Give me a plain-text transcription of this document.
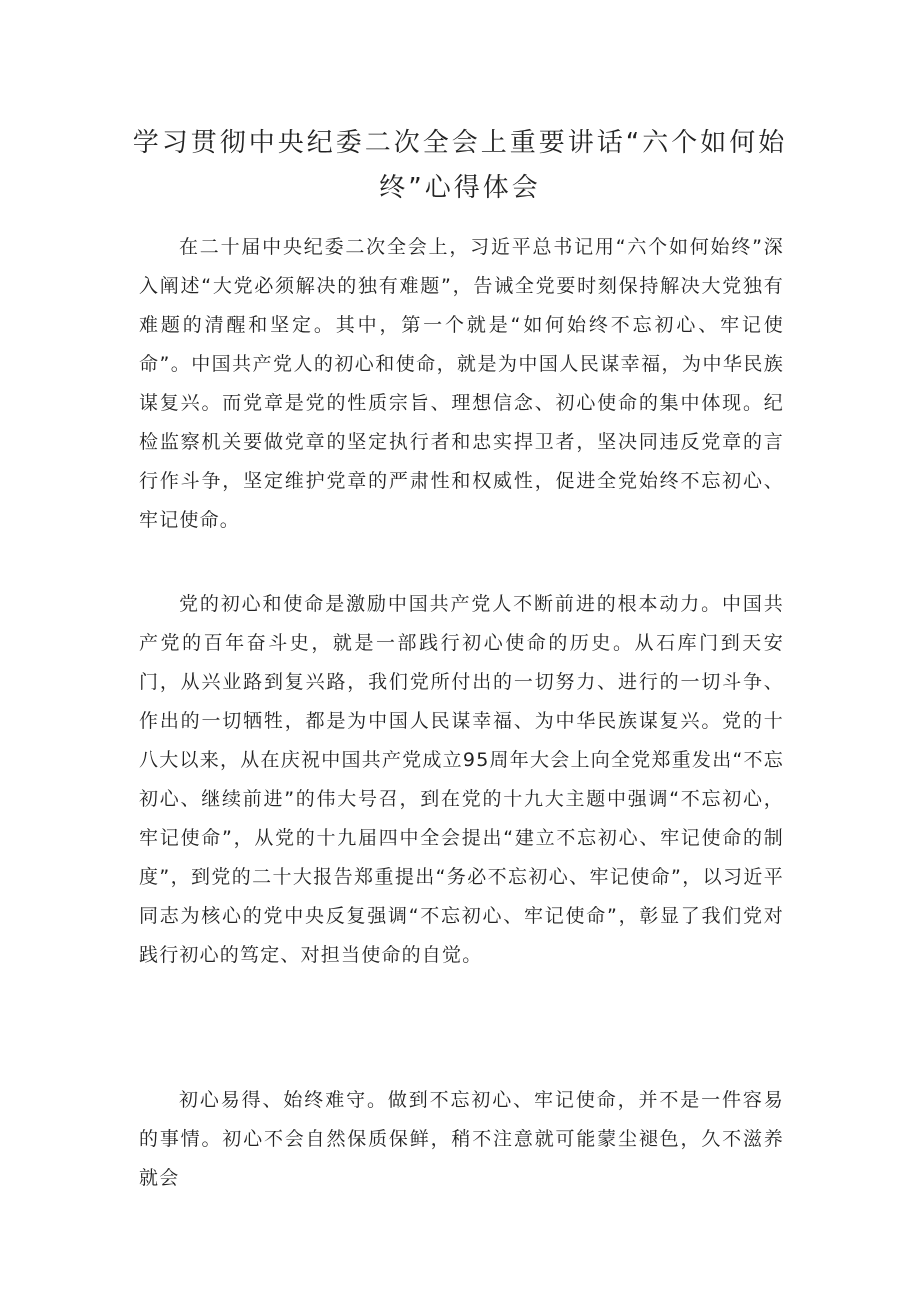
学习贯彻中央纪委二次全会上重要讲话“六个如何始终”心得体会

在二十届中央纪委二次全会上，习近平总书记用“六个如何始终”深入阐述“大党必须解决的独有难题”，告诫全党要时刻保持解决大党独有难题的清醒和坚定。其中，第一个就是“如何始终不忘初心、牢记使命”。中国共产党人的初心和使命，就是为中国人民谋幸福，为中华民族谋复兴。而党章是党的性质宗旨、理想信念、初心使命的集中体现。纪检监察机关要做党章的坚定执行者和忠实捍卫者，坚决同违反党章的言行作斗争，坚定维护党章的严肃性和权威性，促进全党始终不忘初心、牢记使命。

党的初心和使命是激励中国共产党人不断前进的根本动力。中国共产党的百年奋斗史，就是一部践行初心使命的历史。从石库门到天安门，从兴业路到复兴路，我们党所付出的一切努力、进行的一切斗争、作出的一切牺牲，都是为中国人民谋幸福、为中华民族谋复兴。党的十八大以来，从在庆祝中国共产党成立95周年大会上向全党郑重发出“不忘初心、继续前进”的伟大号召，到在党的十九大主题中强调“不忘初心，牢记使命”，从党的十九届四中全会提出“建立不忘初心、牢记使命的制度”，到党的二十大报告郑重提出“务必不忘初心、牢记使命”，以习近平同志为核心的党中央反复强调“不忘初心、牢记使命”，彰显了我们党对践行初心的笃定、对担当使命的自觉。

初心易得、始终难守。做到不忘初心、牢记使命，并不是一件容易的事情。初心不会自然保质保鲜，稍不注意就可能蒙尘褪色，久不滋养就会
